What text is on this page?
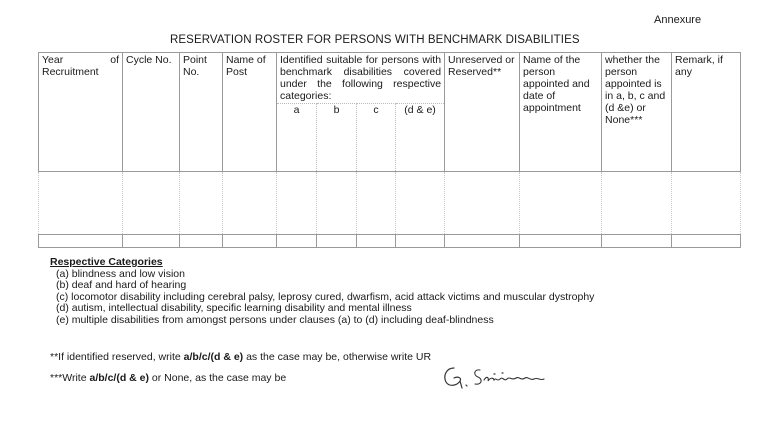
Annexure
RESERVATION ROSTER FOR PERSONS WITH BENCHMARK DISABILITIES
Year of Recruitment	Cycle No.	Point No.	Name of Post	Identified suitable for persons with benchmark disabilities covered under the following respective categories:				Unreserved or Reserved**	Name of the person appointed and date of appointment	whether the person appointed is in a, b, c and (d &e) or None***	Remark, if any
				a	b	c	(d & e)				

Respective Categories
(a) blindness and low vision
(b) deaf and hard of hearing
(c) locomotor disability including cerebral palsy, leprosy cured, dwarfism, acid attack victims and muscular dystrophy
(d) autism, intellectual disability, specific learning disability and mental illness
(e) multiple disabilities from amongst persons under clauses (a) to (d) including deaf-blindness
**If identified reserved, write a/b/c/(d & e) as the case may be, otherwise write UR
***Write a/b/c/(d & e) or None, as the case may be
